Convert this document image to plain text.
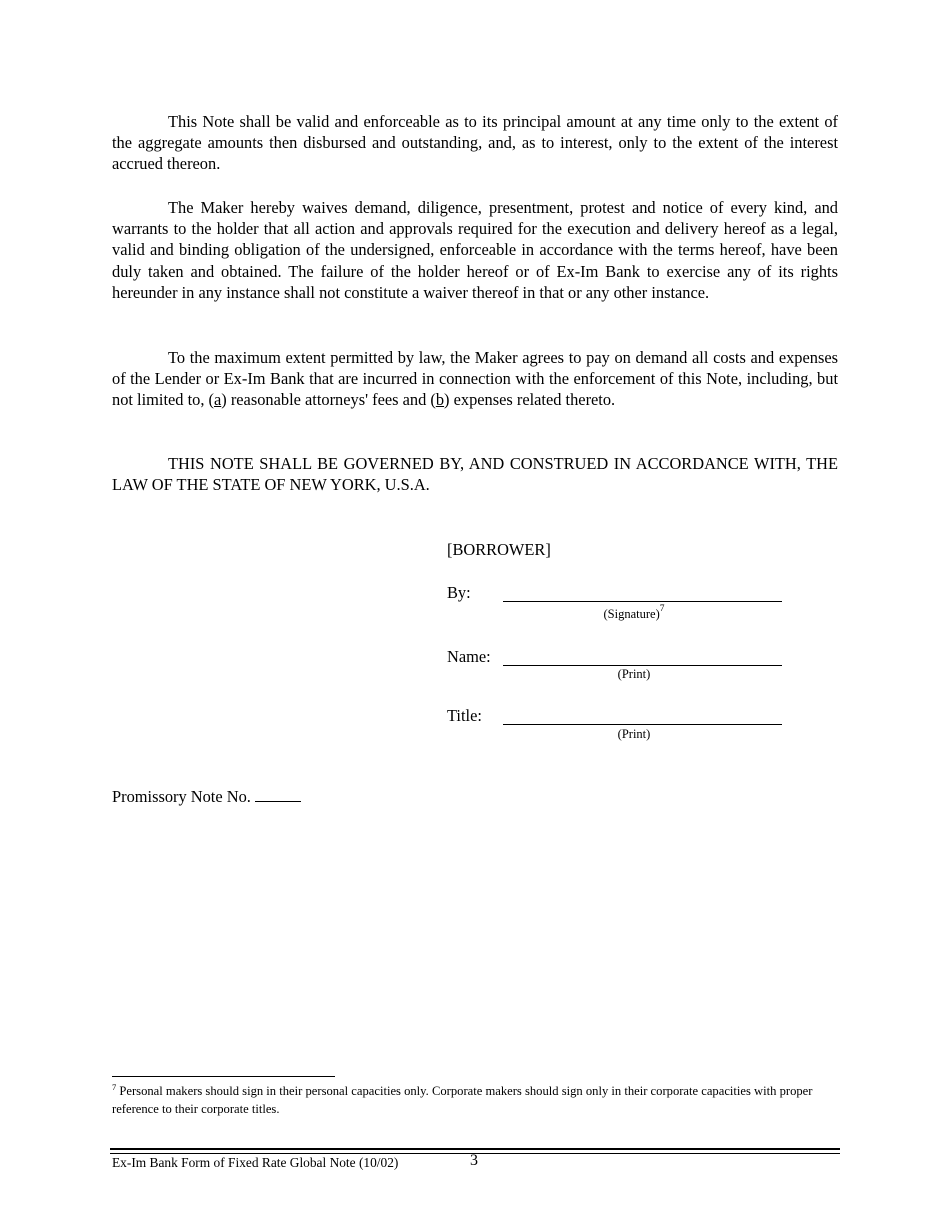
This Note shall be valid and enforceable as to its principal amount at any time only to the extent of the aggregate amounts then disbursed and outstanding, and, as to interest, only to the extent of the interest accrued thereon.

The Maker hereby waives demand, diligence, presentment, protest and notice of every kind, and warrants to the holder that all action and approvals required for the execution and delivery hereof as a legal, valid and binding obligation of the undersigned, enforceable in accordance with the terms hereof, have been duly taken and obtained. The failure of the holder hereof or of Ex-Im Bank to exercise any of its rights hereunder in any instance shall not constitute a waiver thereof in that or any other instance.

To the maximum extent permitted by law, the Maker agrees to pay on demand all costs and expenses of the Lender or Ex-Im Bank that are incurred in connection with the enforcement of this Note, including, but not limited to, (a) reasonable attorneys' fees and (b) expenses related thereto.

THIS NOTE SHALL BE GOVERNED BY, AND CONSTRUED IN ACCORDANCE WITH, THE LAW OF THE STATE OF NEW YORK, U.S.A.

[BORROWER]
By:
(Signature)$^7$
Name:
(Print)
Title:
(Print)
Promissory Note No.

$^7$ Personal makers should sign in their personal capacities only. Corporate makers should sign only in their corporate capacities with proper reference to their corporate titles.

Ex-Im Bank Form of Fixed Rate Global Note (10/02)	3
